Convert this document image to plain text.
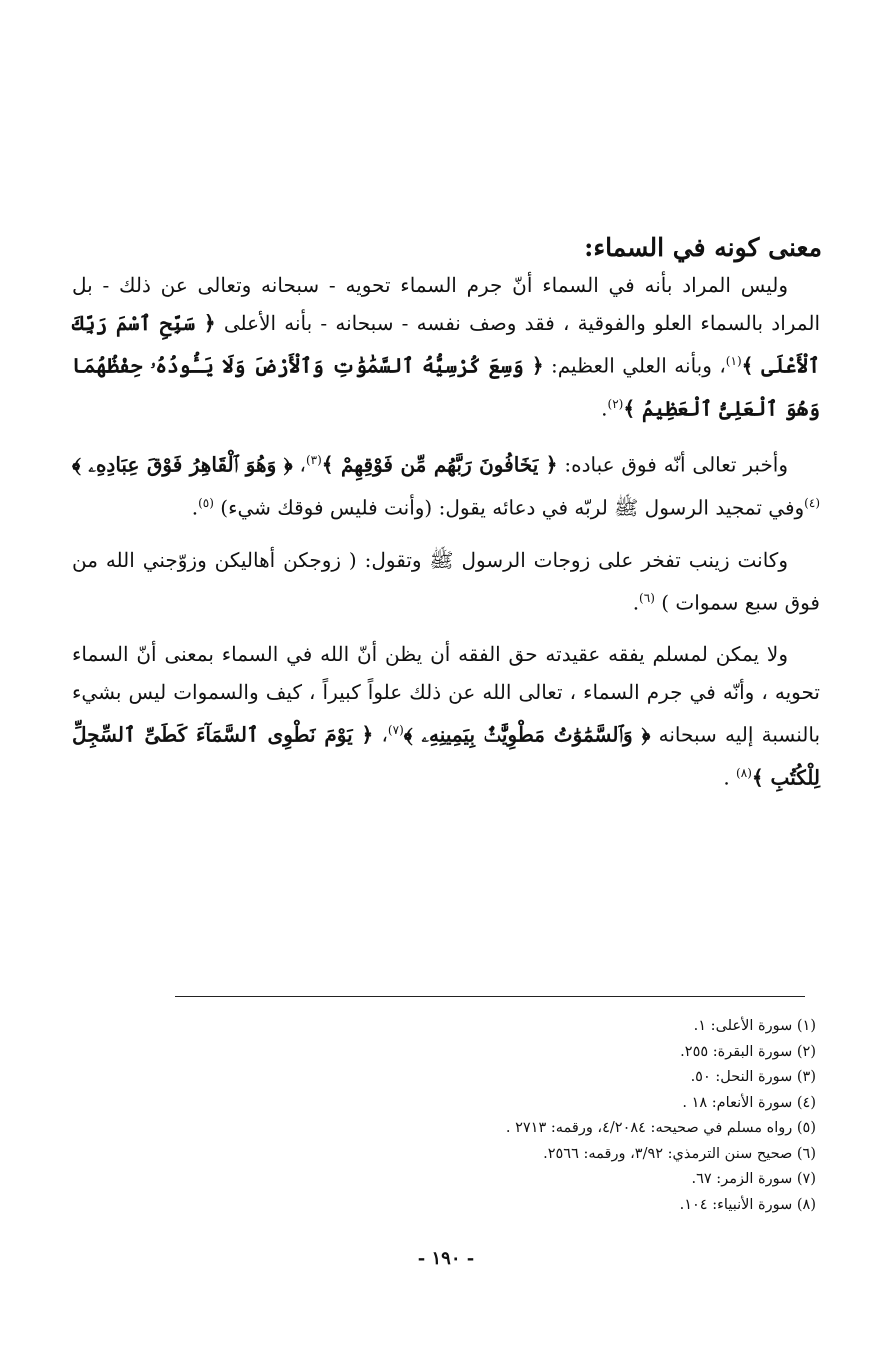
معنى كونه في السماء:

وليس المراد بأنه في السماء أنّ جرم السماء تحويه - سبحانه وتعالى عن ذلك - بل المراد بالسماء العلو والفوقية ، فقد وصف نفسه - سبحانه - بأنه الأعلى ﴿ سَبِّحِ ٱسْمَ رَبِّكَ ٱلْأَعْلَى ﴾$^{(١)}$، وبأنه العلي العظيم: ﴿ وَسِعَ كُرْسِيُّهُ ٱلسَّمَٰوَٰتِ وَٱلْأَرْضَ وَلَا يَـُٔودُهُۥ حِفْظُهُمَا وَهُوَ ٱلْعَلِىُّ ٱلْعَظِيمُ ﴾$^{(٢)}$.

وأخبر تعالى أنّه فوق عباده: ﴿ يَخَافُونَ رَبَّهُم مِّن فَوْقِهِمْ ﴾$^{(٣)}$، ﴿ وَهُوَ ٱلْقَاهِرُ فَوْقَ عِبَادِهِۦ ﴾$^{(٤)}$وفي تمجيد الرسول ﷺ لربّه في دعائه يقول: (وأنت فليس فوقك شيء) $^{(٥)}$.

وكانت زينب تفخر على زوجات الرسول ﷺ وتقول: ( زوجكن أهاليكن وزوّجني الله من فوق سبع سموات ) $^{(٦)}$.

ولا يمكن لمسلم يفقه عقيدته حق الفقه أن يظن أنّ الله في السماء بمعنى أنّ السماء تحويه ، وأنّه في جرم السماء ، تعالى الله عن ذلك علواً كبيراً ، كيف والسموات ليس بشيء بالنسبة إليه سبحانه ﴿ وَٱلسَّمَٰوَٰتُ مَطْوِيَّٰتٌۢ بِيَمِينِهِۦ ﴾$^{(٧)}$، ﴿ يَوْمَ نَطْوِى ٱلسَّمَآءَ كَطَىِّ ٱلسِّجِلِّ لِلْكُتُبِ ﴾$^{(٨)}$ .

(١) سورة الأعلى: ١.
(٢) سورة البقرة: ٢٥٥.
(٣) سورة النحل: ٥٠.
(٤) سورة الأنعام: ١٨ .
(٥) رواه مسلم في صحيحه: ٤/٢٠٨٤، ورقمه: ٢٧١٣ .
(٦) صحيح سنن الترمذي: ٣/٩٢، ورقمه: ٢٥٦٦.
(٧) سورة الزمر: ٦٧.
(٨) سورة الأنبياء: ١٠٤.
- ١٩٠ -
